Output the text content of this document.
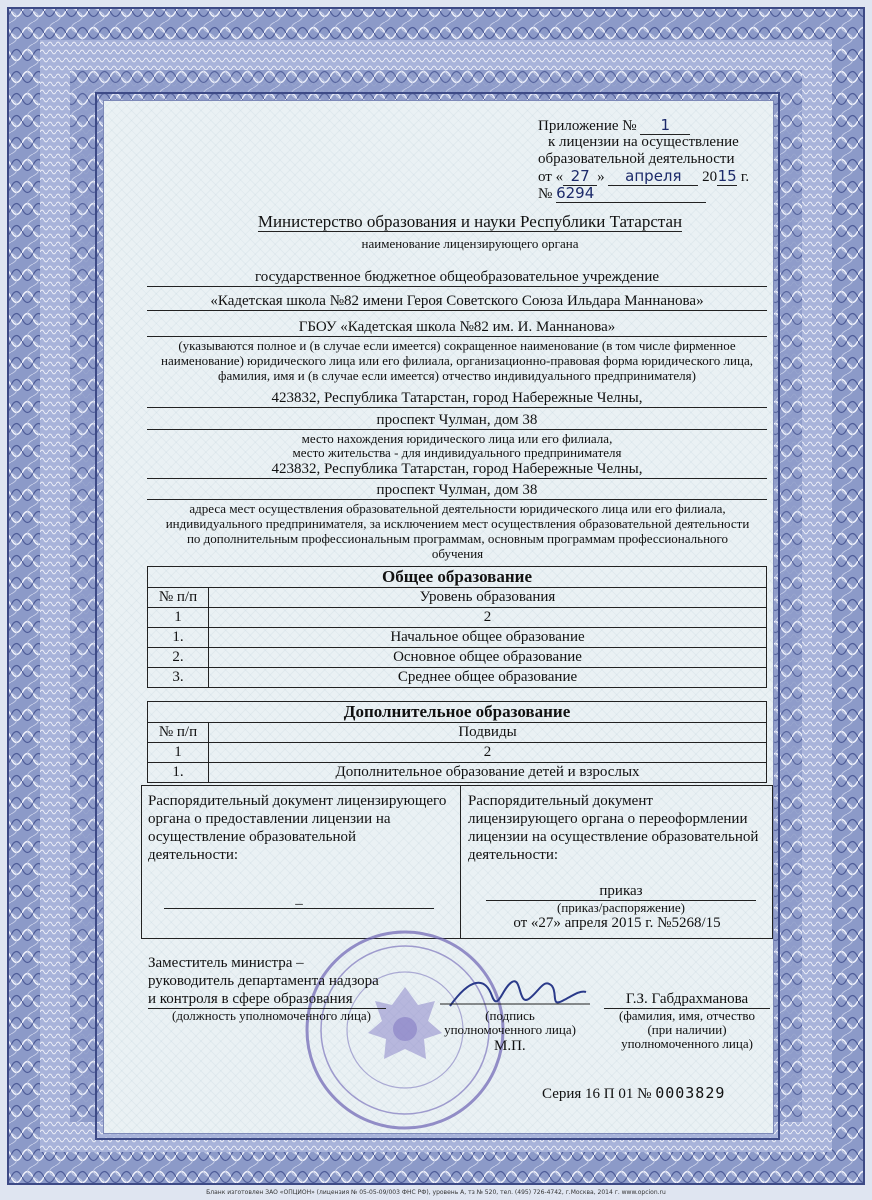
Приложение № 1
к лицензии на осуществление
образовательной деятельности
от « 27 » апреля 2015 г.
№ 6294
Министерство образования и науки Республики Татарстан
наименование лицензирующего органа
государственное бюджетное общеобразовательное учреждение
«Кадетская школа №82 имени Героя Советского Союза Ильдара Маннанова»
ГБОУ «Кадетская школа №82 им. И. Маннанова»
(указываются полное и (в случае если имеется) сокращенное наименование (в том числе фирменное наименование) юридического лица или его филиала, организационно-правовая форма юридического лица, фамилия, имя и (в случае если имеется) отчество индивидуального предпринимателя)
423832, Республика Татарстан, город Набережные Челны,
проспект Чулман, дом 38
место нахождения юридического лица или его филиала,
место жительства - для индивидуального предпринимателя
423832, Республика Татарстан, город Набережные Челны,
проспект Чулман, дом 38
адреса мест осуществления образовательной деятельности юридического лица или его филиала, индивидуального предпринимателя, за исключением мест осуществления образовательной деятельности по дополнительным профессиональным программам, основным программам профессионального обучения
Общее образование	
№ п/п	Уровень образования
1	2
1.	Начальное общее образование
2.	Основное общее образование
3.	Среднее общее образование
Дополнительное образование	
№ п/п	Подвиды
1	2
1.	Дополнительное образование детей и взрослых
Распорядительный документ лицензирующего органа о предоставлении лицензии на осуществление образовательной деятельности:
_
Распорядительный документ лицензирующего органа о переоформлении лицензии на осуществление образовательной деятельности:
приказ
(приказ/распоряжение)
от «27» апреля 2015 г. №5268/15
Заместитель министра –
руководитель департамента надзора
и контроля в сфере образования
(должность уполномоченного лица)	(подпись
уполномоченного лица)
М.П.
Г.З. Габдрахманова
(фамилия, имя, отчество
(при наличии)
уполномоченного лица)
Серия 16 П 01 № 0003829
Бланк изготовлен ЗАО «ОПЦИОН» (лицензия № 05-05-09/003 ФНС РФ), уровень А, тз № 520, тел. (495) 726-4742, г.Москва, 2014 г. www.opcion.ru
